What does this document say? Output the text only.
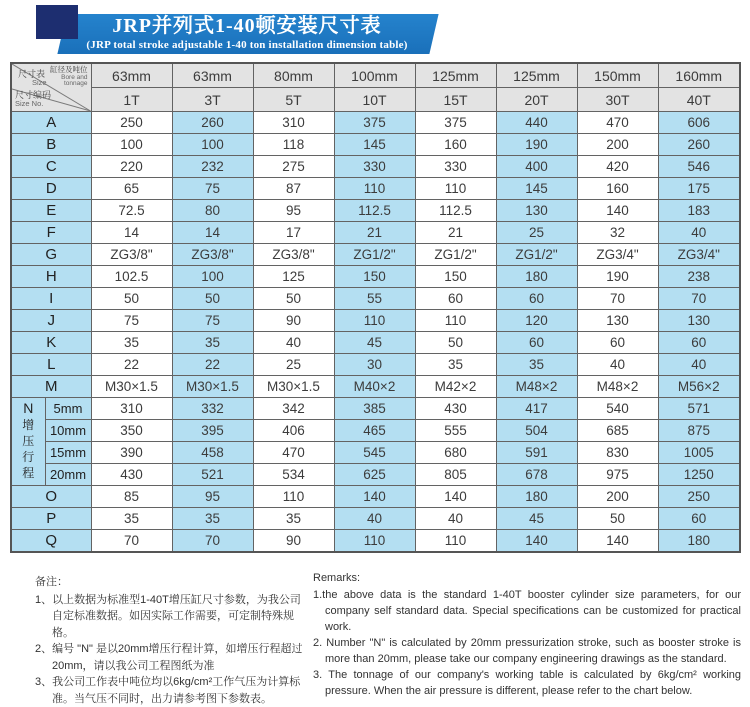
JRP并列式1-40顿安装尺寸表
(JRP total stroke adjustable 1-40 ton installation dimension table)
缸径及吨位
Bore and
tonnage
尺寸表
Size
尺寸编码
Size No.
	63mm	63mm	80mm	100mm	125mm	125mm	150mm	160mm
		1T	3T	5T	10T	15T	20T	30T	40T
A		250	260	310	375	375	440	470	606
B		100	100	118	145	160	190	200	260
C		220	232	275	330	330	400	420	546
D		65	75	87	110	110	145	160	175
E		72.5	80	95	112.5	112.5	130	140	183
F		14	14	17	21	21	25	32	40
G		ZG3/8"	ZG3/8"	ZG3/8"	ZG1/2"	ZG1/2"	ZG1/2"	ZG3/4"	ZG3/4"
H		102.5	100	125	150	150	180	190	238
I		50	50	50	55	60	60	70	70
J		75	75	90	110	110	120	130	130
K		35	35	40	45	50	60	60	60
L		22	22	25	30	35	35	40	40
M		M30×1.5	M30×1.5	M30×1.5	M40×2	M42×2	M48×2	M48×2	M56×2
N
增
压
行
程	5mm	310	332	342	385	430	417	540	571
	10mm	350	395	406	465	555	504	685	875
	15mm	390	458	470	545	680	591	830	1005
	20mm	430	521	534	625	805	678	975	1250
O		85	95	110	140	140	180	200	250
P		35	35	35	40	40	45	50	60
Q		70	70	90	110	110	140	140	180
备注：
1、以上数据为标准型1-40T增压缸尺寸参数，为我公司自定标准数据。如因实际工作需要，可定制特殊规格。
2、编号 "N" 是以20mm增压行程计算，如增压行程超过20mm，请以我公司工程图纸为准
3、我公司工作表中吨位均以6kg/cm²工作气压为计算标准。当气压不同时，出力请参考图下参数表。
Remarks:
1.the above data is the standard 1-40T booster cylinder size parameters, for our company self standard data. Special specifications can be customized for practical work.
2. Number "N" is calculated by 20mm pressurization stroke, such as booster stroke is more than 20mm, please take our company engineering drawings as the standard.
3. The tonnage of our company's working table is calculated by 6kg/cm² working pressure. When the air pressure is different, please refer to the chart below.
